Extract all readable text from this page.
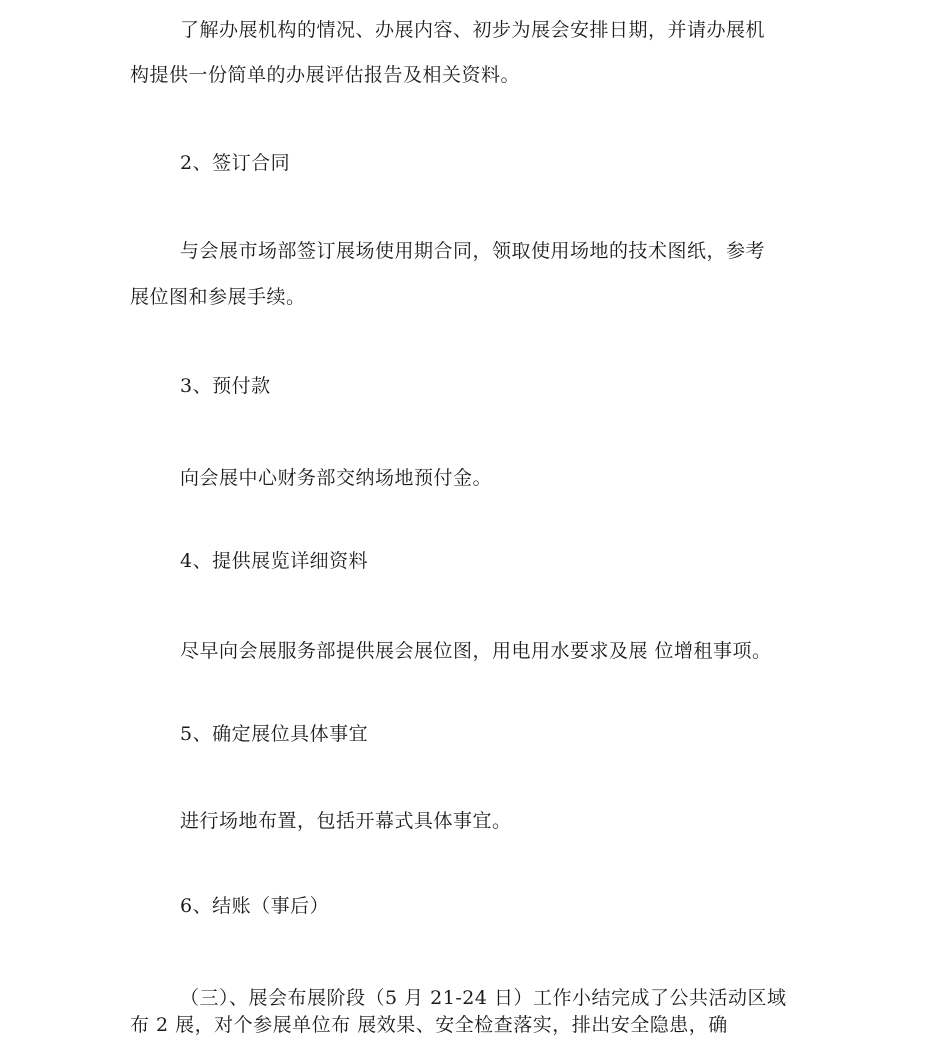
了解办展机构的情况、办展内容、初步为展会安排日期，并请办展机
构提供一份简单的办展评估报告及相关资料。
2、签订合同
与会展市场部签订展场使用期合同，领取使用场地的技术图纸，参考
展位图和参展手续。
3、预付款
向会展中心财务部交纳场地预付金。
4、提供展览详细资料
尽早向会展服务部提供展会展位图，用电用水要求及展 位增租事项。
5、确定展位具体事宜
进行场地布置，包括开幕式具体事宜。
6、结账（事后）
（三）、展会布展阶段（5 月 21-24 日）工作小结完成了公共活动区域
布 2 展，对个参展单位布 展效果、安全检查落实，排出安全隐患，确
